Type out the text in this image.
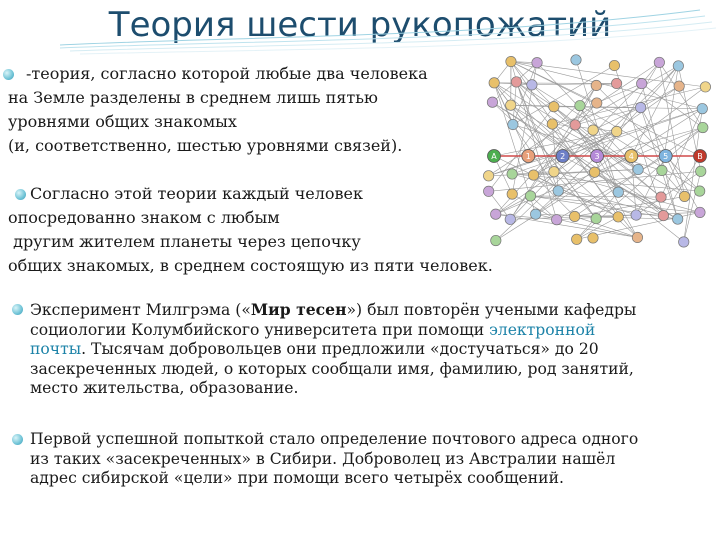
Теория шести рукопожатий
A	1	2	3	4	5	B
-теория, согласно которой любые два человека
на Земле разделены в среднем лишь пятью
уровнями общих знакомых
(и, соответственно, шестью уровнями связей).
Согласно этой теории каждый человек
опосредованно знаком с любым
другим жителем планеты через цепочку
общих знакомых, в среднем состоящую из пяти человек.
Эксперимент Милгрэма («Мир тесен») был повторён учеными кафедры
социологии Колумбийского университета при помощи электронной
почты. Тысячам добровольцев они предложили «достучаться» до 20
засекреченных людей, о которых сообщали имя, фамилию, род занятий,
место жительства, образование.
Первой успешной попыткой стало определение почтового адреса одного
из таких «засекреченных» в Сибири. Доброволец из Австралии нашёл
адрес сибирской «цели» при помощи всего четырёх сообщений.
